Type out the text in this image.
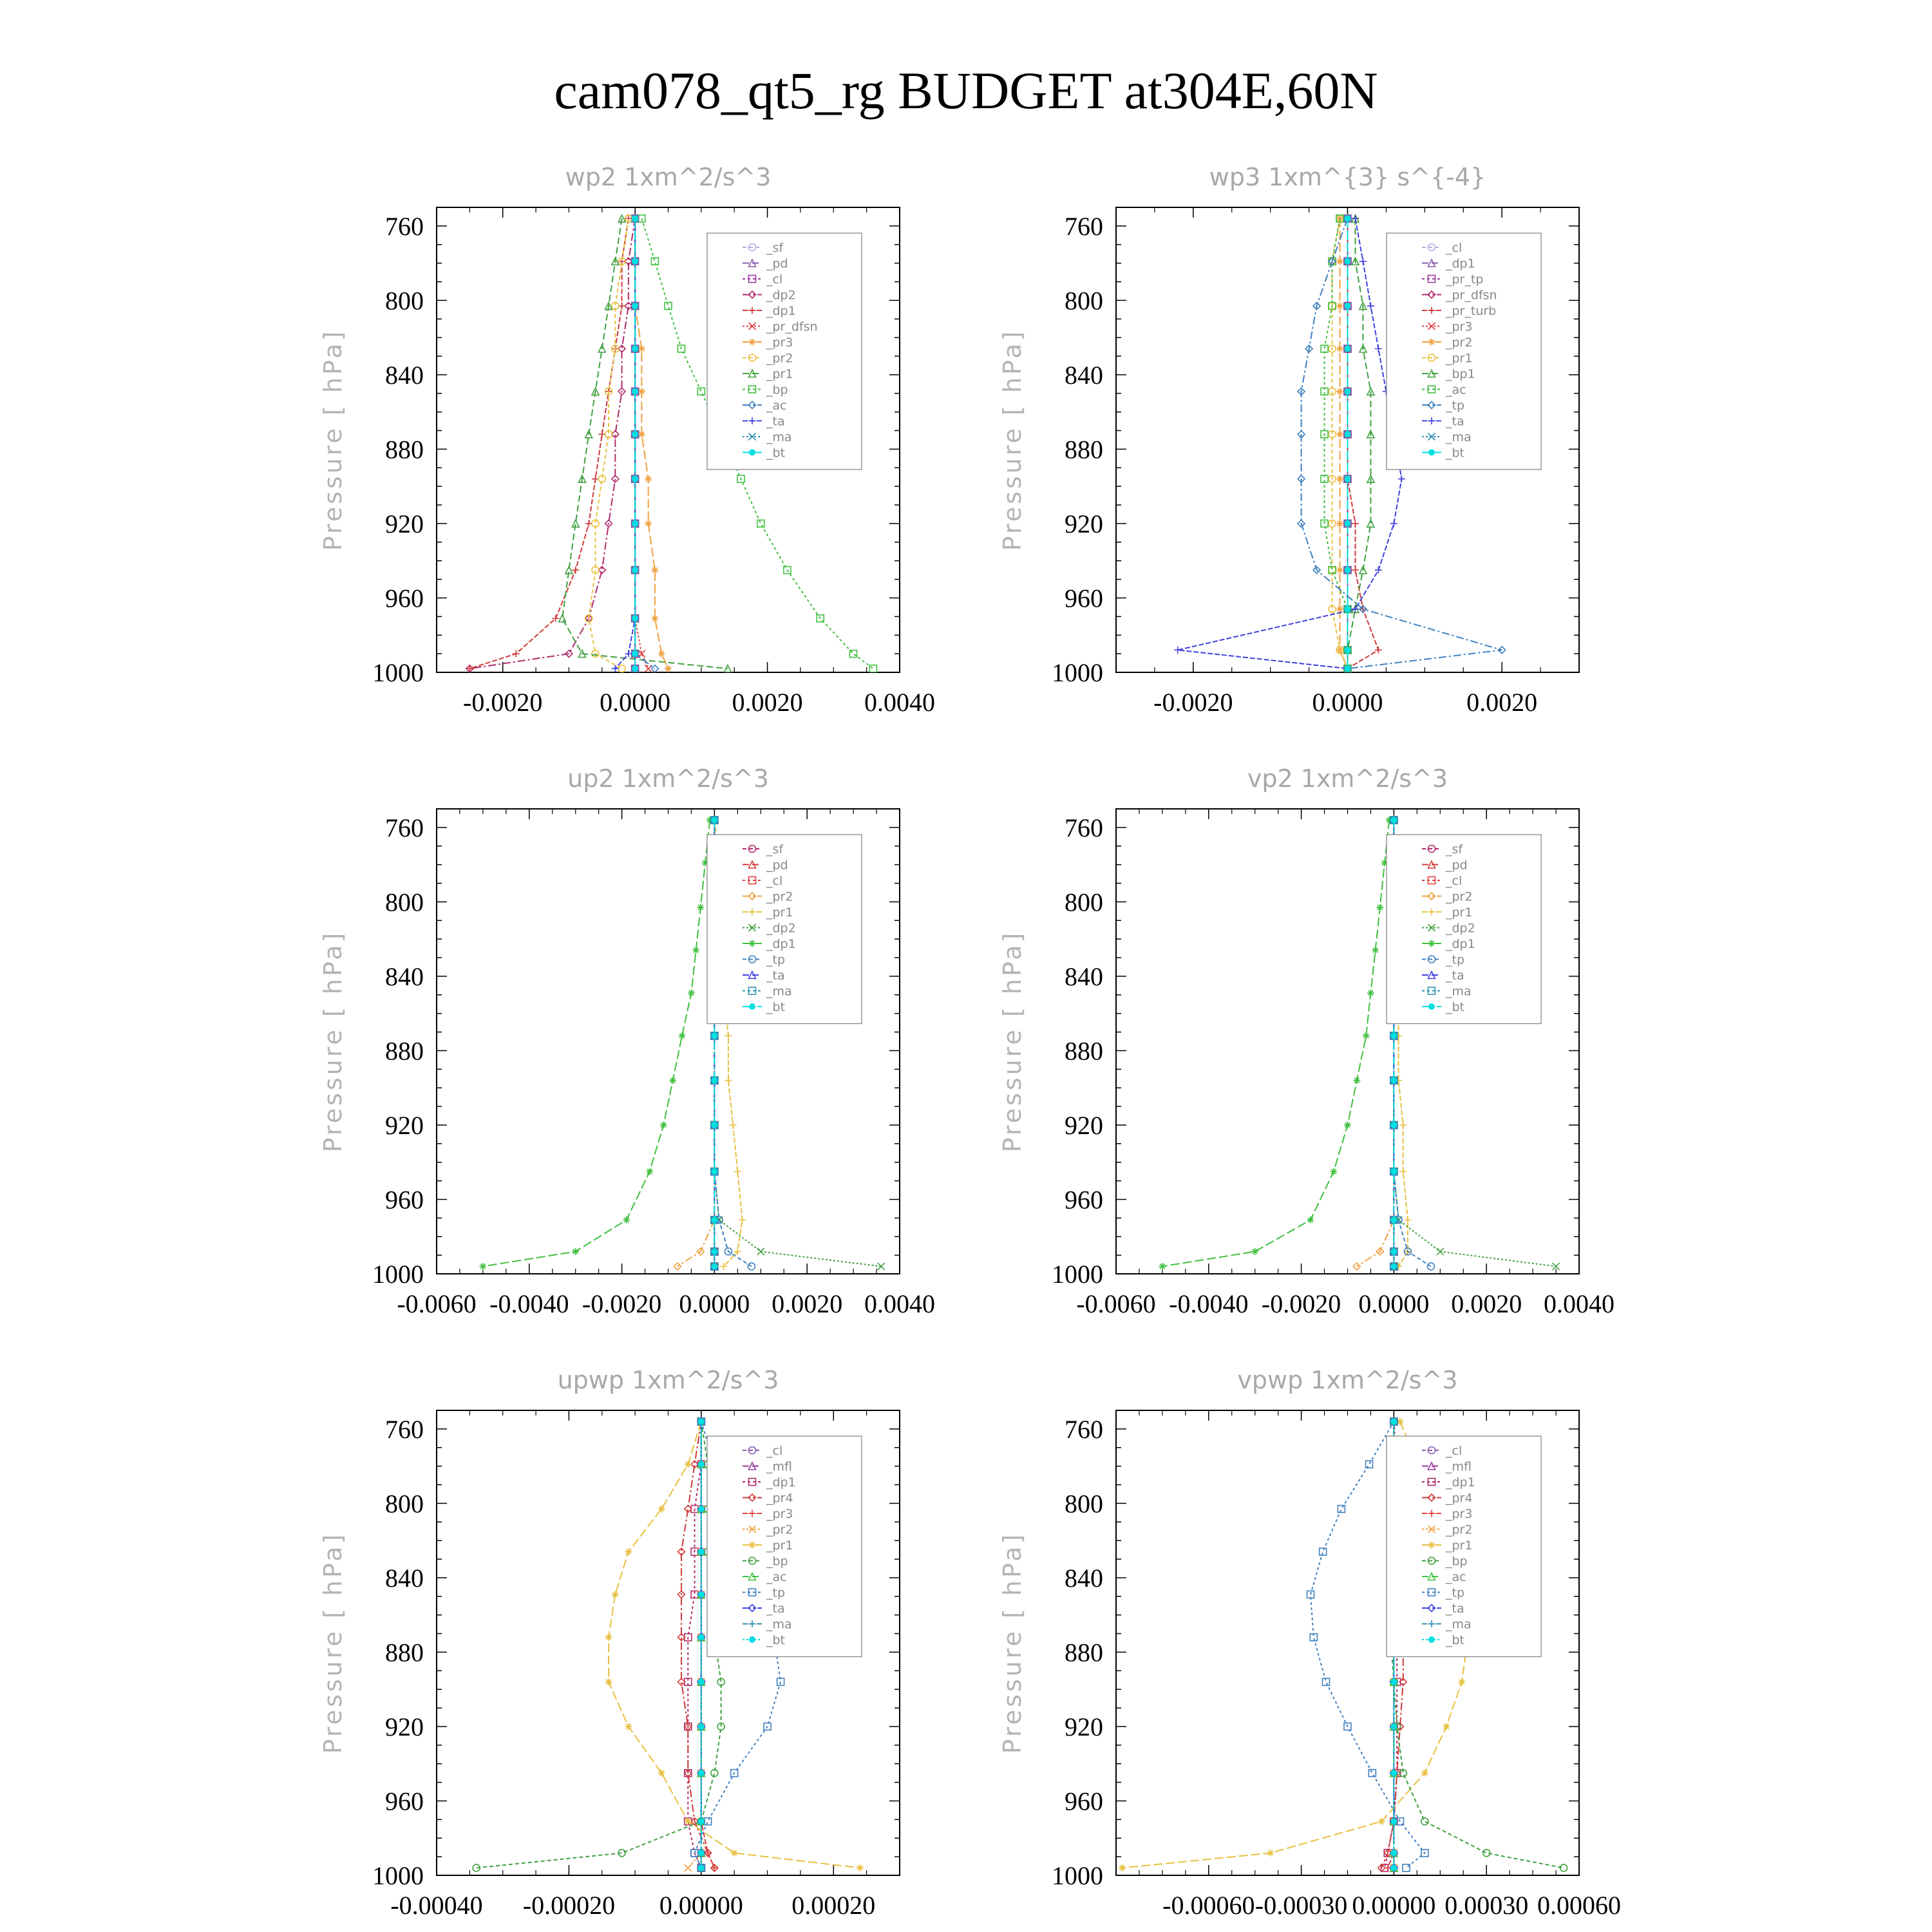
cam078_qt5_rg BUDGET at304E,60N
wp2 1xm^2/s^3
Pressure [ hPa]
760
800
840
880
920
960
1000
-0.0020 0.0000 0.0020 0.0040
_sf
_pd
_cl
_dp2
_dp1
_pr_dfsn
_pr3
_pr2
_pr1
_bp
_ac
_ta
_ma
_bt
wp3 1xm^{3} s^{-4}
Pressure [ hPa]
760
800
840
880
920
960
1000
-0.0020	0.0000	0.0020
_cl
_dp1
_pr_tp
_pr_dfsn
_pr_turb
_pr3
_pr2
_pr1
_bp1
_ac
_tp
_ta
_ma
_bt
up2 1xm^2/s^3
Pressure [ hPa]
760
800
840
880
920
960
1000
-0.0060 -0.0040 -0.0020 0.0000 0.0020 0.0040
_sf
_pd
_cl
_pr2
_pr1
_dp2
_dp1
_tp
_ta
_ma
_bt
vp2 1xm^2/s^3
Pressure [ hPa]
760
800
840
880
920
960
1000
-0.0060 -0.0040 -0.0020 0.0000 0.0020 0.0040
_sf
_pd
_cl
_pr2
_pr1
_dp2
_dp1
_tp
_ta
_ma
_bt
upwp 1xm^2/s^3
Pressure [ hPa]
760
800
840
880
920
960
1000
-0.00040 -0.00020 0.00000 0.00020
_cl
_mfl
_dp1
_pr4
_pr3
_pr2
_pr1
_bp
_ac
_tp
_ta
_ma
_bt
vpwp 1xm^2/s^3
Pressure [ hPa]
760
800
840
880
920
960
1000
-0.00060 -0.00030 0.00000 0.00030 0.00060
_cl
_mfl
_dp1
_pr4
_pr3
_pr2
_pr1
_bp
_ac
_tp
_ta
_ma
_bt
